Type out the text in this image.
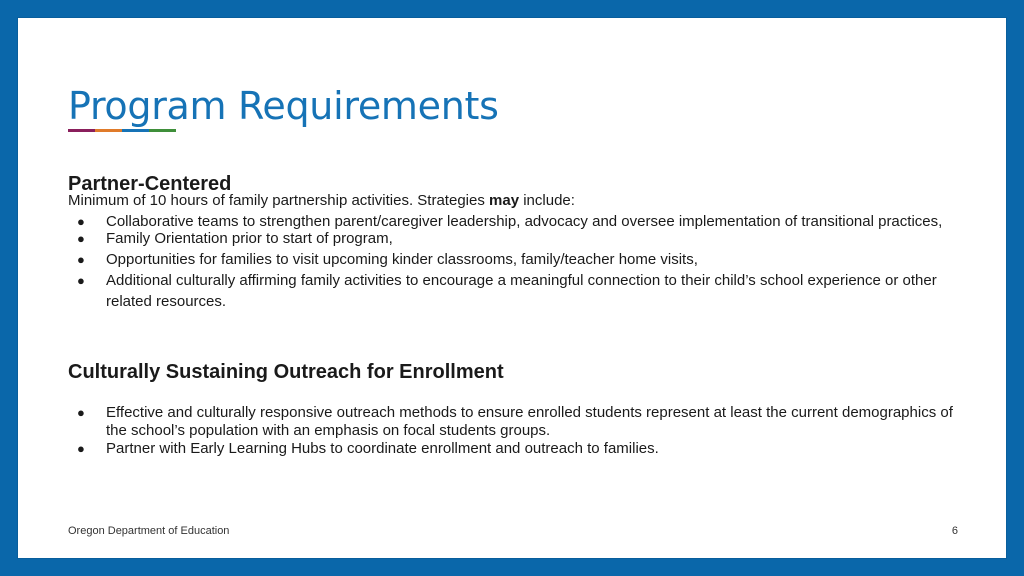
Program Requirements
Partner-Centered

Minimum of 10 hours of family partnership activities. Strategies may include:

● Collaborative teams to strengthen parent/caregiver leadership, advocacy and oversee implementation of transitional practices,
● Family Orientation prior to start of program,
● Opportunities for families to visit upcoming kinder classrooms, family/teacher home visits,
● Additional culturally affirming family activities to encourage a meaningful connection to their child’s school experience or other related resources.
Culturally Sustaining Outreach for Enrollment
● Effective and culturally responsive outreach methods to ensure enrolled students represent at least the current demographics of the school’s population with an emphasis on focal students groups.
● Partner with Early Learning Hubs to coordinate enrollment and outreach to families.
Oregon Department of Education	6
